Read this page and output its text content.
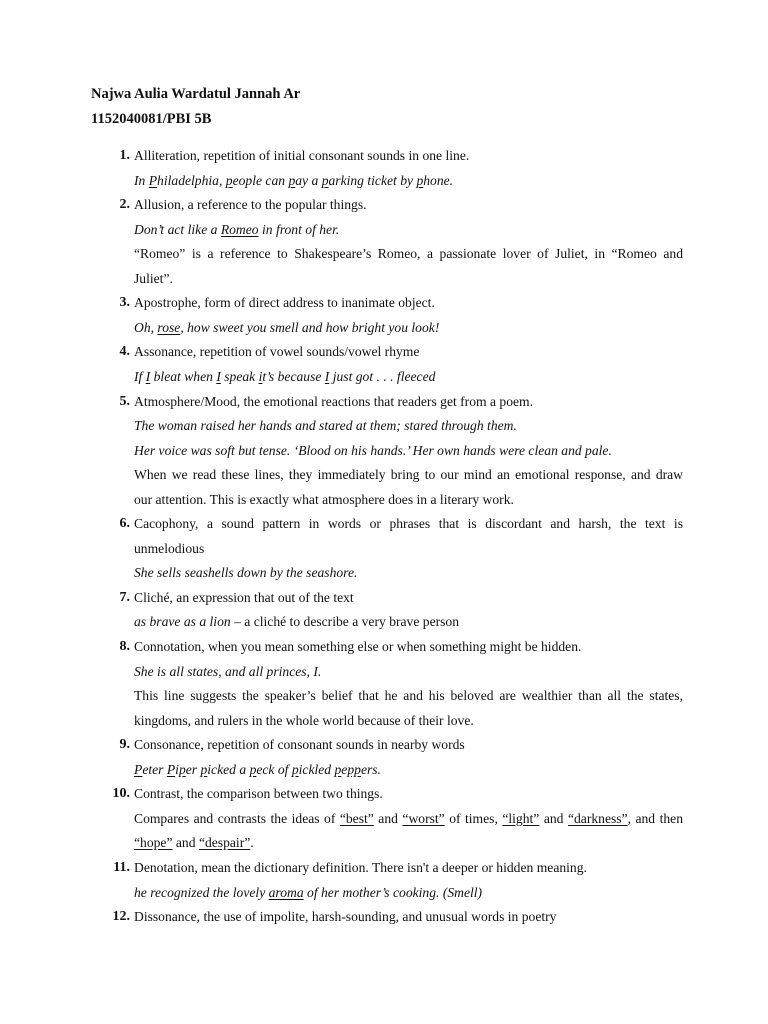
Najwa Aulia Wardatul Jannah Ar
1152040081/PBI 5B
1. Alliteration, repetition of initial consonant sounds in one line.
In Philadelphia, people can pay a parking ticket by phone.
2. Allusion, a reference to the popular things.
Don’t act like a Romeo in front of her.
“Romeo” is a reference to Shakespeare’s Romeo, a passionate lover of Juliet, in “Romeo and
Juliet”.
3. Apostrophe, form of direct address to inanimate object.
Oh, rose, how sweet you smell and how bright you look!
4. Assonance, repetition of vowel sounds/vowel rhyme
If I bleat when I speak it’s because I just got . . . fleeced
5. Atmosphere/Mood, the emotional reactions that readers get from a poem.
The woman raised her hands and stared at them; stared through them.
Her voice was soft but tense. ‘Blood on his hands.’ Her own hands were clean and pale.
When we read these lines, they immediately bring to our mind an emotional response, and draw
our attention. This is exactly what atmosphere does in a literary work.
6. Cacophony, a sound pattern in words or phrases that is discordant and harsh, the text is
unmelodious
She sells seashells down by the seashore.
7. Cliché, an expression that out of the text
as brave as a lion – a cliché to describe a very brave person
8. Connotation, when you mean something else or when something might be hidden.
She is all states, and all princes, I.
This line suggests the speaker’s belief that he and his beloved are wealthier than all the states,
kingdoms, and rulers in the whole world because of their love.
9. Consonance, repetition of consonant sounds in nearby words
Peter Piper picked a peck of pickled peppers.
10. Contrast, the comparison between two things.
Compares and contrasts the ideas of “best” and “worst” of times, “light” and “darkness”, and then
“hope” and “despair”.
11. Denotation, mean the dictionary definition. There isn't a deeper or hidden meaning.
he recognized the lovely aroma of her mother’s cooking. (Smell)
12. Dissonance, the use of impolite, harsh-sounding, and unusual words in poetry
